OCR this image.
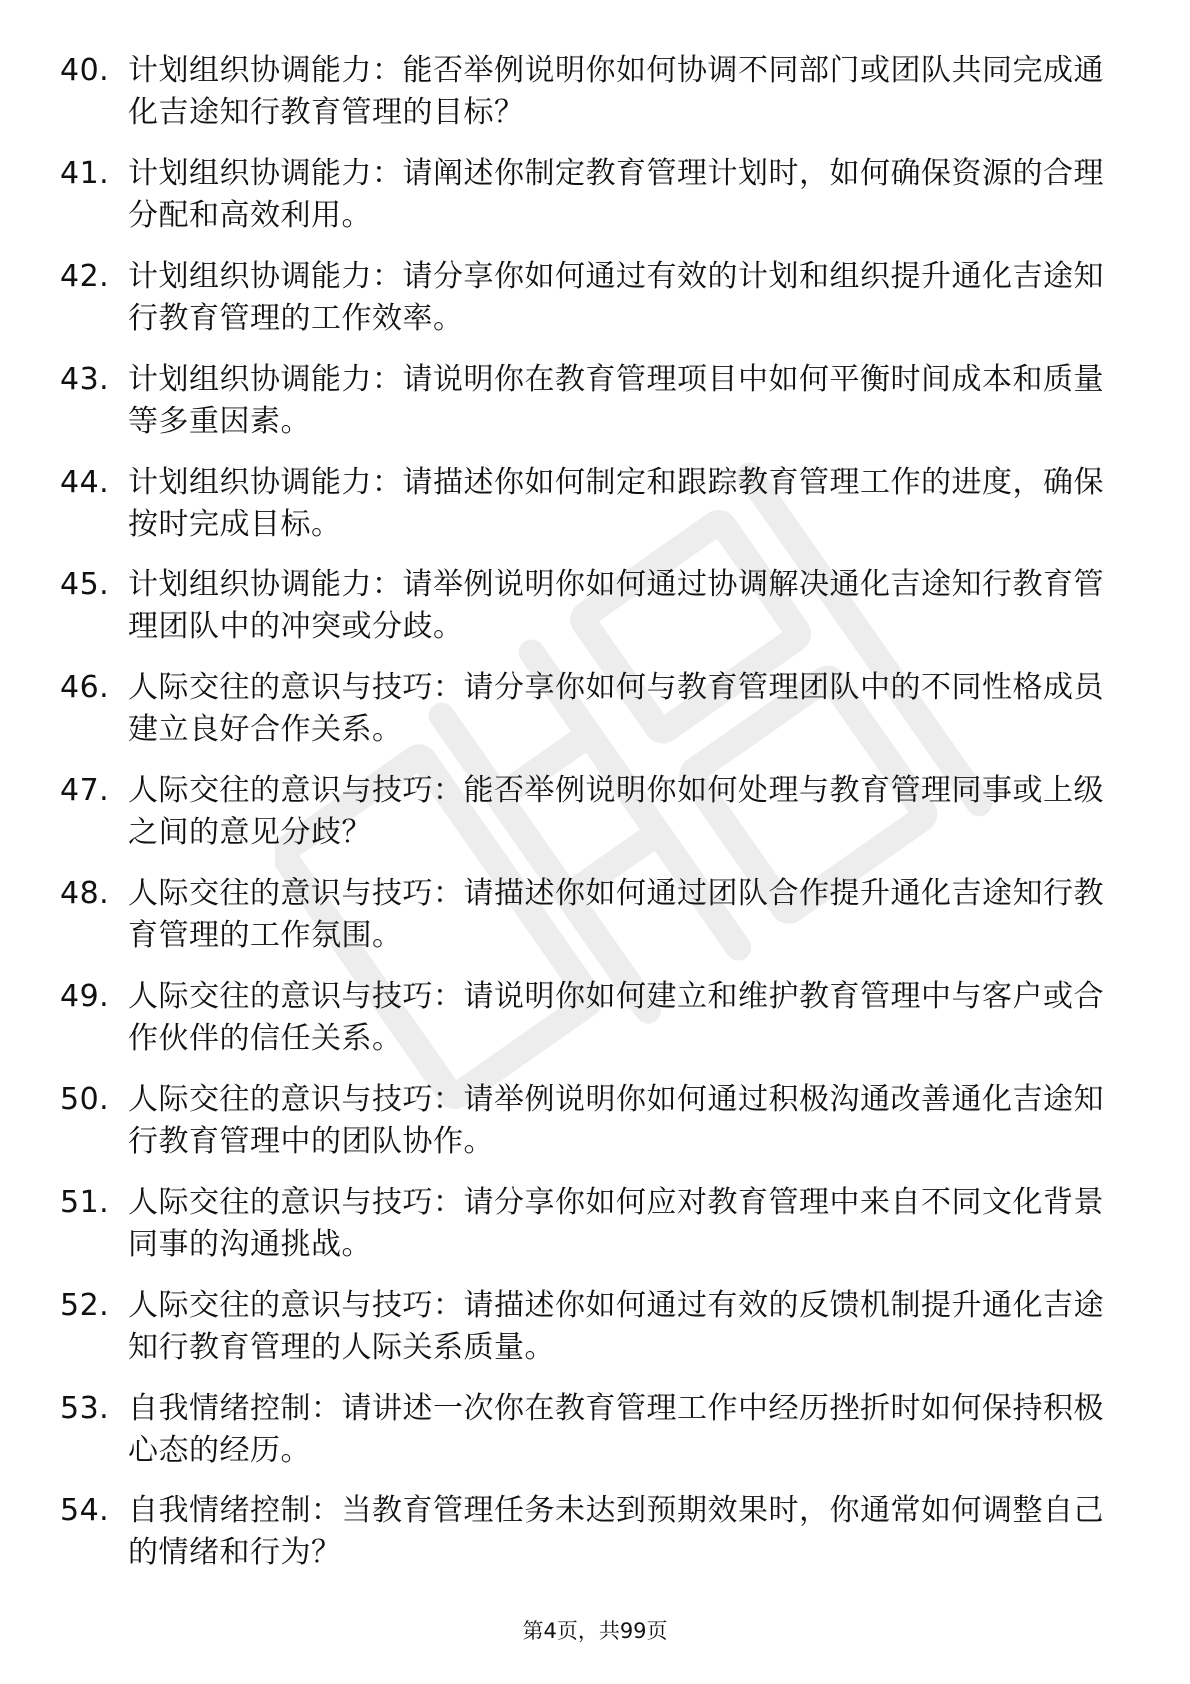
40. 计划组织协调能力：能否举例说明你如何协调不同部门或团队共同完成通化吉途知行教育管理的目标？
41. 计划组织协调能力：请阐述你制定教育管理计划时，如何确保资源的合理分配和高效利用。
42. 计划组织协调能力：请分享你如何通过有效的计划和组织提升通化吉途知行教育管理的工作效率。
43. 计划组织协调能力：请说明你在教育管理项目中如何平衡时间成本和质量等多重因素。
44. 计划组织协调能力：请描述你如何制定和跟踪教育管理工作的进度，确保按时完成目标。
45. 计划组织协调能力：请举例说明你如何通过协调解决通化吉途知行教育管理团队中的冲突或分歧。
46. 人际交往的意识与技巧：请分享你如何与教育管理团队中的不同性格成员建立良好合作关系。
47. 人际交往的意识与技巧：能否举例说明你如何处理与教育管理同事或上级之间的意见分歧？
48. 人际交往的意识与技巧：请描述你如何通过团队合作提升通化吉途知行教育管理的工作氛围。
49. 人际交往的意识与技巧：请说明你如何建立和维护教育管理中与客户或合作伙伴的信任关系。
50. 人际交往的意识与技巧：请举例说明你如何通过积极沟通改善通化吉途知行教育管理中的团队协作。
51. 人际交往的意识与技巧：请分享你如何应对教育管理中来自不同文化背景同事的沟通挑战。
52. 人际交往的意识与技巧：请描述你如何通过有效的反馈机制提升通化吉途知行教育管理的人际关系质量。
53. 自我情绪控制：请讲述一次你在教育管理工作中经历挫折时如何保持积极心态的经历。
54. 自我情绪控制：当教育管理任务未达到预期效果时，你通常如何调整自己的情绪和行为？
第4页，共99页
